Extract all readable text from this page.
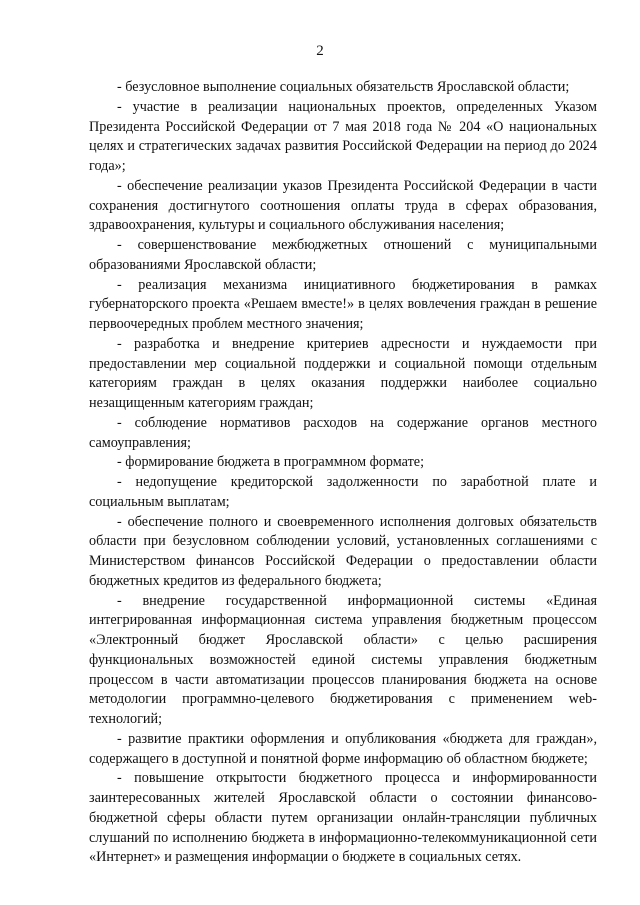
2

- безусловное выполнение социальных обязательств Ярославской области;

- участие в реализации национальных проектов, определенных Указом Президента Российской Федерации от 7 мая 2018 года № 204 «О национальных целях и стратегических задачах развития Российской Федерации на период до 2024 года»;

- обеспечение реализации указов Президента Российской Федерации в части сохранения достигнутого соотношения оплаты труда в сферах образования, здравоохранения, культуры и социального обслуживания населения;

- совершенствование межбюджетных отношений с муниципальными образованиями Ярославской области;

- реализация механизма инициативного бюджетирования в рамках губернаторского проекта «Решаем вместе!» в целях вовлечения граждан в решение первоочередных проблем местного значения;

- разработка и внедрение критериев адресности и нуждаемости при предоставлении мер социальной поддержки и социальной помощи отдельным категориям граждан в целях оказания поддержки наиболее социально незащищенным категориям граждан;

- соблюдение нормативов расходов на содержание органов местного самоуправления;

- формирование бюджета в программном формате;

- недопущение кредиторской задолженности по заработной плате и социальным выплатам;

- обеспечение полного и своевременного исполнения долговых обязательств области при безусловном соблюдении условий, установленных соглашениями с Министерством финансов Российской Федерации о предоставлении области бюджетных кредитов из федерального бюджета;

- внедрение государственной информационной системы «Единая интегрированная информационная система управления бюджетным процессом «Электронный бюджет Ярославской области» с целью расширения функциональных возможностей единой системы управления бюджетным процессом в части автоматизации процессов планирования бюджета на основе методологии программно-целевого бюджетирования с применением web-технологий;

- развитие практики оформления и опубликования «бюджета для граждан», содержащего в доступной и понятной форме информацию об областном бюджете;

- повышение открытости бюджетного процесса и информированности заинтересованных жителей Ярославской области о состоянии финансово-бюджетной сферы области путем организации онлайн-трансляции публичных слушаний по исполнению бюджета в информационно-телекоммуникационной сети «Интернет» и размещения информации о бюджете в социальных сетях.
